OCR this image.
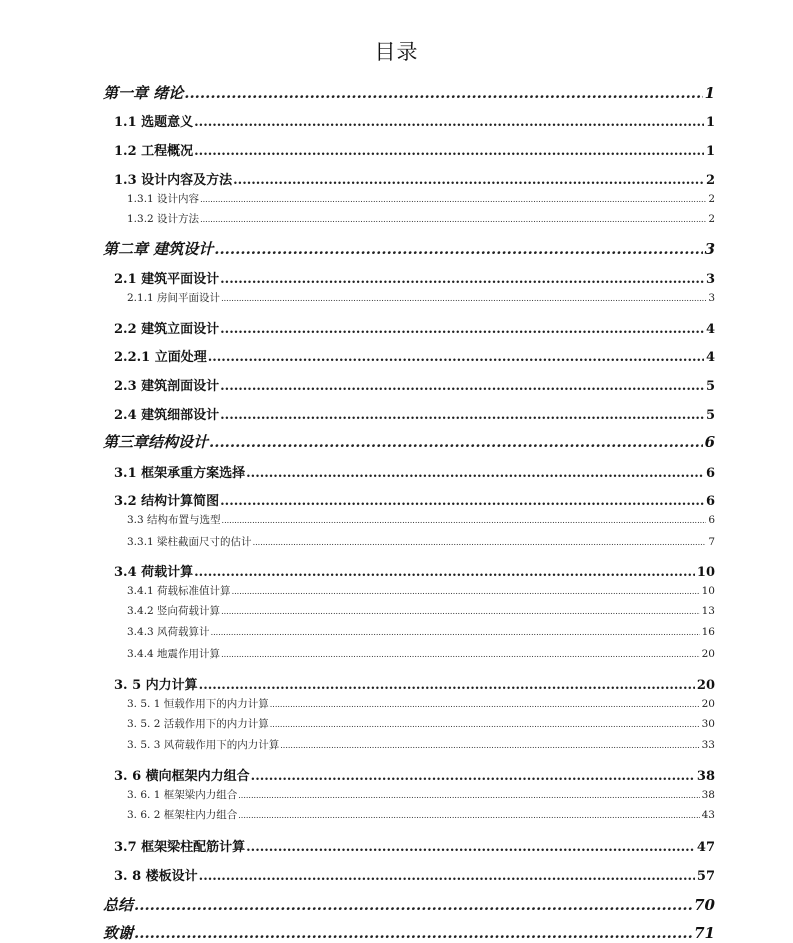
目录
第一章 绪论 .....	1
1.1 选题意义 .....	1
1.2 工程概况 .....	1
1.3 设计内容及方法 .....	2
1.3.1 设计内容 .....	2
1.3.2 设计方法 .....	2
第二章 建筑设计 .....	3
2.1 建筑平面设计 .....	3
2.1.1 房间平面设计 .....	3
2.2 建筑立面设计 .....	4
2.2.1 立面处理 .....	4
2.3 建筑剖面设计 .....	5
2.4 建筑细部设计 .....	5
第三章结构设计 .....	6
3.1 框架承重方案选择 .....	6
3.2 结构计算简图 .....	6
3.3 结构布置与选型 .....	6
3.3.1 梁柱截面尺寸的估计 .....	7
3.4 荷载计算 .....	10
3.4.1 荷载标准值计算 .....	10
3.4.2 竖向荷载计算 .....	13
3.4.3 风荷载算计 .....	16
3.4.4 地震作用计算 .....	20
3. 5 内力计算 .....	20
3. 5. 1 恒载作用下的内力计算 .....	20
3. 5. 2 活载作用下的内力计算 .....	30
3. 5. 3 风荷载作用下的内力计算 .....	33
3. 6 横向框架内力组合 .....	38
3. 6. 1 框架梁内力组合 .....	38
3. 6. 2 框架柱内力组合 .....	43
3.7 框架梁柱配筋计算 .....	47
3. 8 楼板设计 .....	57
总结 .....	70
致谢 .....	71
